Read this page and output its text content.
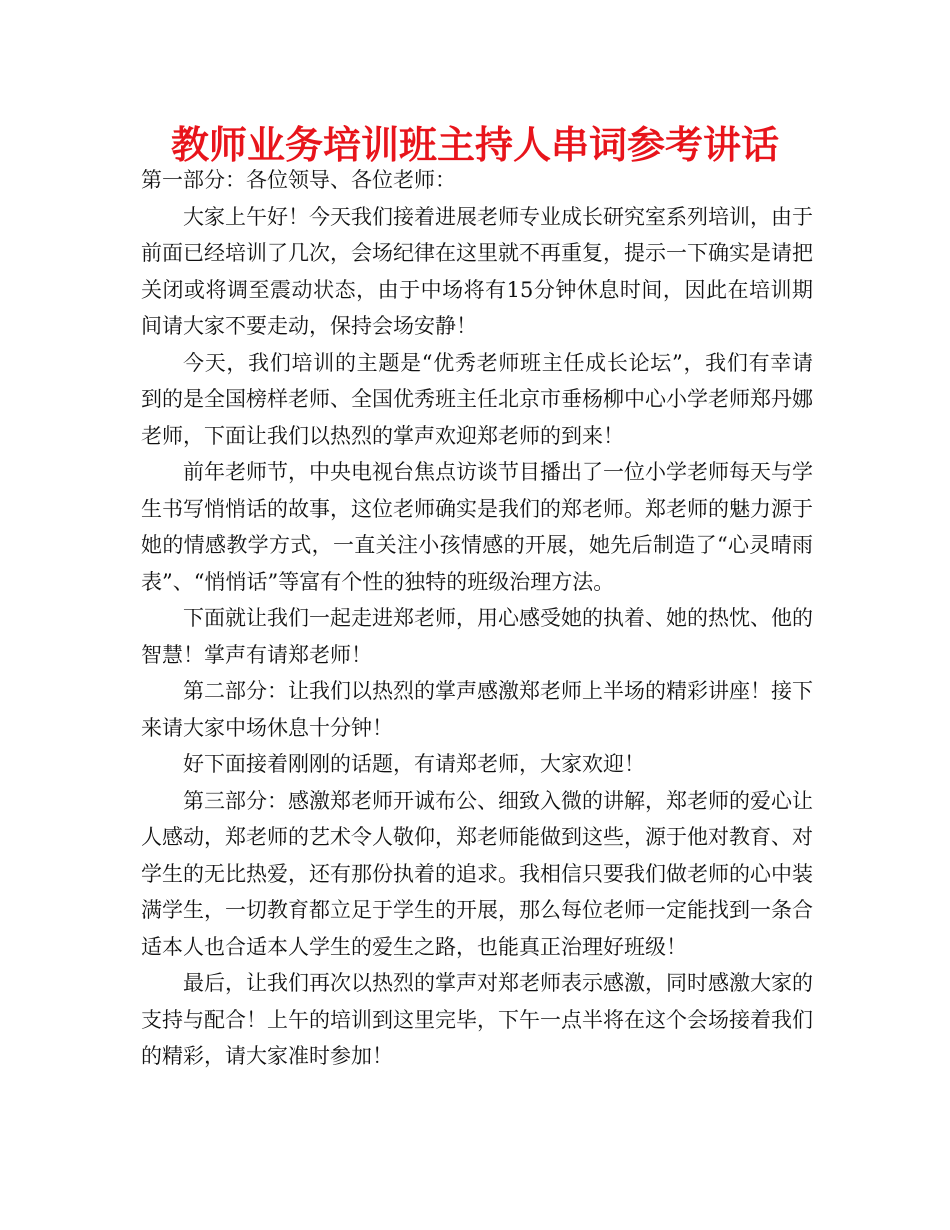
教师业务培训班主持人串词参考讲话

第一部分：各位领导、各位老师：

大家上午好！今天我们接着进展老师专业成长研究室系列培训，由于前面已经培训了几次，会场纪律在这里就不再重复，提示一下确实是请把关闭或将调至震动状态，由于中场将有15分钟休息时间，因此在培训期间请大家不要走动，保持会场安静！

今天，我们培训的主题是“优秀老师班主任成长论坛”，我们有幸请到的是全国榜样老师、全国优秀班主任北京市垂杨柳中心小学老师郑丹娜老师，下面让我们以热烈的掌声欢迎郑老师的到来！

前年老师节，中央电视台焦点访谈节目播出了一位小学老师每天与学生书写悄悄话的故事，这位老师确实是我们的郑老师。郑老师的魅力源于她的情感教学方式，一直关注小孩情感的开展，她先后制造了“心灵晴雨表”、“悄悄话”等富有个性的独特的班级治理方法。

下面就让我们一起走进郑老师，用心感受她的执着、她的热忱、他的智慧！掌声有请郑老师！

第二部分：让我们以热烈的掌声感激郑老师上半场的精彩讲座！接下来请大家中场休息十分钟！

好下面接着刚刚的话题，有请郑老师，大家欢迎！

第三部分：感激郑老师开诚布公、细致入微的讲解，郑老师的爱心让人感动，郑老师的艺术令人敬仰，郑老师能做到这些，源于他对教育、对学生的无比热爱，还有那份执着的追求。我相信只要我们做老师的心中装满学生，一切教育都立足于学生的开展，那么每位老师一定能找到一条合适本人也合适本人学生的爱生之路，也能真正治理好班级！

最后，让我们再次以热烈的掌声对郑老师表示感激，同时感激大家的支持与配合！上午的培训到这里完毕，下午一点半将在这个会场接着我们的精彩，请大家准时参加！
